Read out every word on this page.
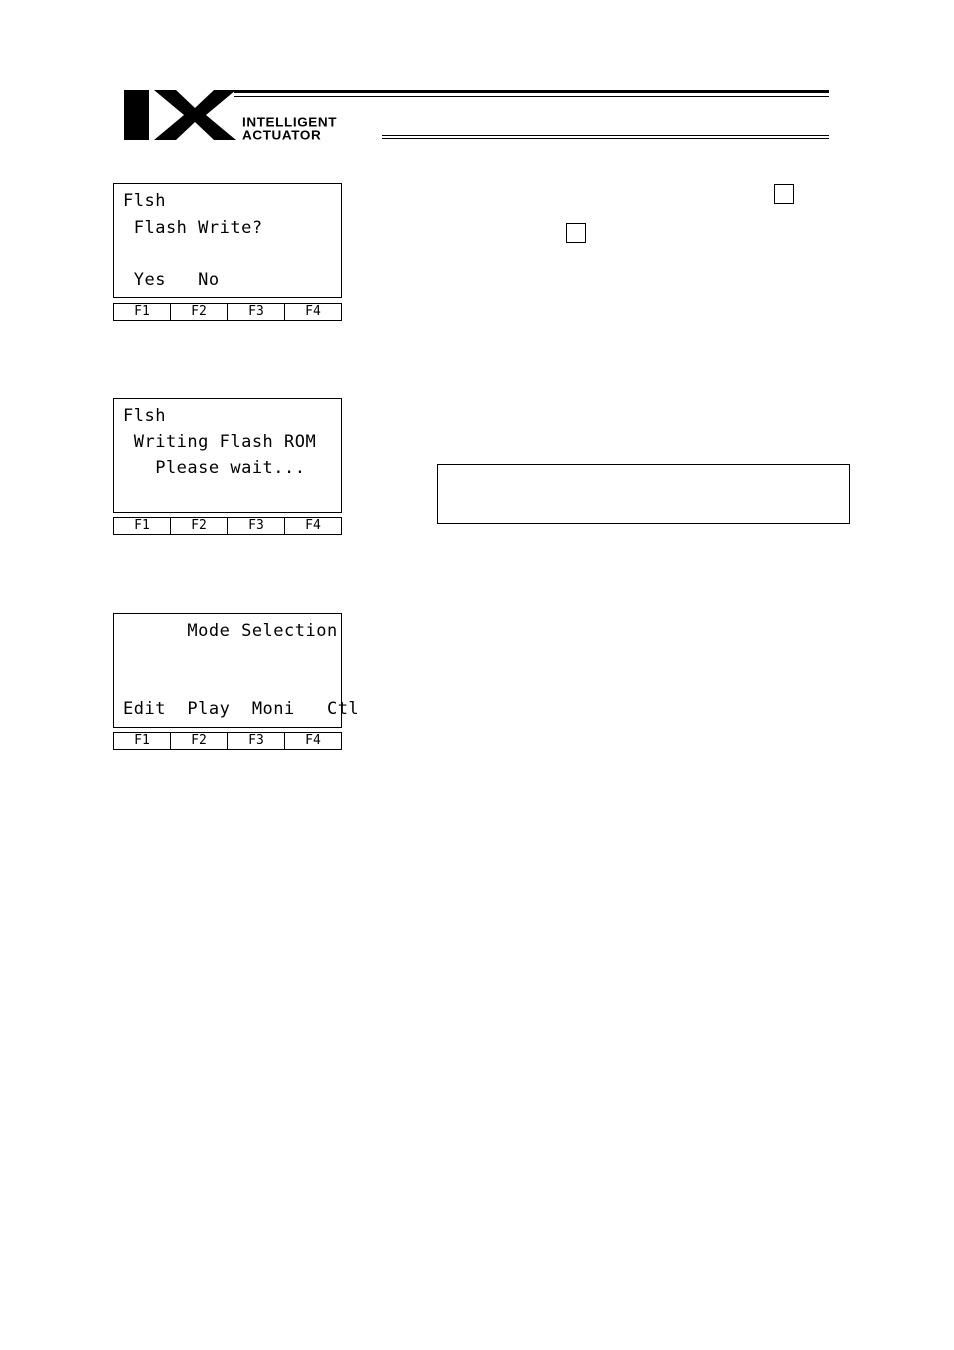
INTELLIGENT
ACTUATOR
Flsh
Flash Write?
Yes   No
F1	F2	F3	F4
Flsh
Writing Flash ROM
Please wait...
F1	F2	F3	F4
Mode Selection
Edit  Play  Moni   Ctl
F1	F2	F3	F4
